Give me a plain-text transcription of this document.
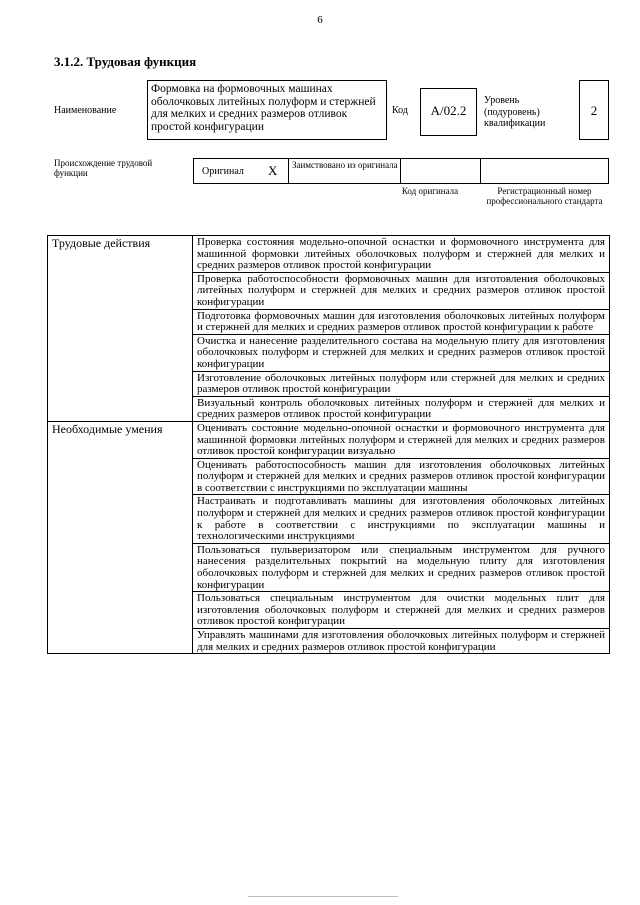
6
3.1.2. Трудовая функция
Наименование
Формовка на формовочных машинах оболочковых литейных полуформ и стержней для мелких и средних размеров отливок простой конфигурации
Код	A/02.2
Уровень (подуровень) квалификации
2
Происхождение трудовой функции	Оригинал X Заимствовано из оригинала
Код оригинала	Регистрационный номер профессионального стандарта
Трудовые действия	Проверка состояния модельно-опочной оснастки и формовочного инструмента для машинной формовки литейных оболочковых полуформ и стержней для мелких и средних размеров отливок простой конфигурации
	Проверка работоспособности формовочных машин для изготовления оболочковых литейных полуформ и стержней для мелких и средних размеров отливок простой конфигурации
	Подготовка формовочных машин для изготовления оболочковых литейных полуформ и стержней для мелких и средних размеров отливок простой конфигурации к работе
	Очистка и нанесение разделительного состава на модельную плиту для изготовления оболочковых полуформ и стержней для мелких и средних размеров отливок простой конфигурации
	Изготовление оболочковых литейных полуформ или стержней для мелких и средних размеров отливок простой конфигурации
	Визуальный контроль оболочковых литейных полуформ и стержней для мелких и средних размеров отливок простой конфигурации
Необходимые умения	Оценивать состояние модельно-опочной оснастки и формовочного инструмента для машинной формовки литейных полуформ и стержней для мелких и средних размеров отливок простой конфигурации визуально
	Оценивать работоспособность машин для изготовления оболочковых литейных полуформ и стержней для мелких и средних размеров отливок простой конфигурации в соответствии с инструкциями по эксплуатации машины
	Настраивать и подготавливать машины для изготовления оболочковых литейных полуформ и стержней для мелких и средних размеров отливок простой конфигурации к работе в соответствии с инструкциями по эксплуатации машины и технологическими инструкциями
	Пользоваться пульверизатором или специальным инструментом для ручного нанесения разделительных покрытий на модельную плиту для изготовления оболочковых полуформ и стержней для мелких и средних размеров отливок простой конфигурации
	Пользоваться специальным инструментом для очистки модельных плит для изготовления оболочковых полуформ и стержней для мелких и средних размеров отливок простой конфигурации
	Управлять машинами для изготовления оболочковых литейных полуформ и стержней для мелких и средних размеров отливок простой конфигурации
